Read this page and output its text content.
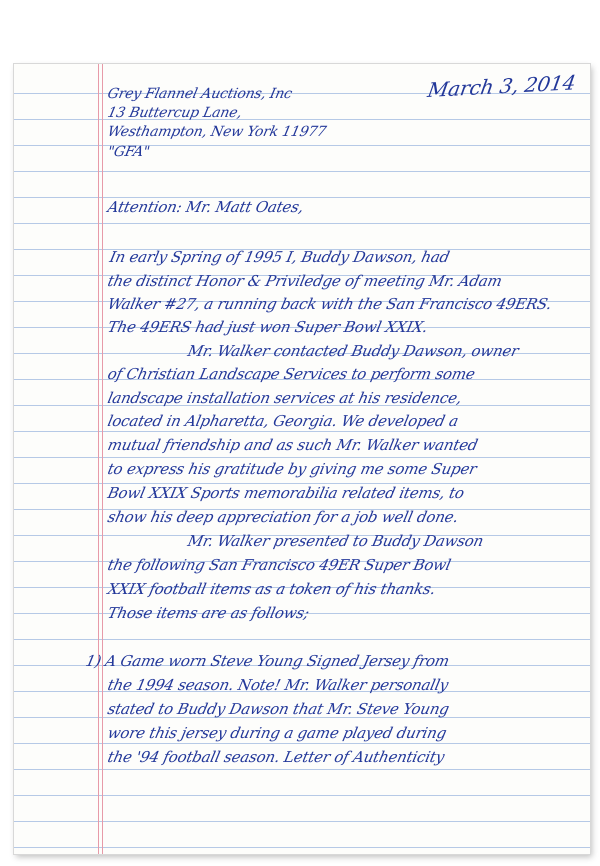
March 3, 2014
Grey Flannel Auctions, Inc
13 Buttercup Lane,
Westhampton, New York 11977
"GFA"
Attention: Mr. Matt Oates,
In early Spring of 1995 I, Buddy Dawson, had
the distinct Honor & Priviledge of meeting Mr. Adam
Walker #27, a running back with the San Francisco 49ERS.
The 49ERS had just won Super Bowl XXIX.
Mr. Walker contacted Buddy Dawson, owner
of Christian Landscape Services to perform some
landscape installation services at his residence,
located in Alpharetta, Georgia. We developed a
mutual friendship and as such Mr. Walker wanted
to express his gratitude by giving me some Super
Bowl XXIX Sports memorabilia related items, to
show his deep appreciation for a job well done.
Mr. Walker presented to Buddy Dawson
the following San Francisco 49ER Super Bowl
XXIX football items as a token of his thanks.
Those items are as follows;
1) A Game worn Steve Young Signed Jersey from
the 1994 season. Note! Mr. Walker personally
stated to Buddy Dawson that Mr. Steve Young
wore this jersey during a game played during
the '94 football season. Letter of Authenticity
